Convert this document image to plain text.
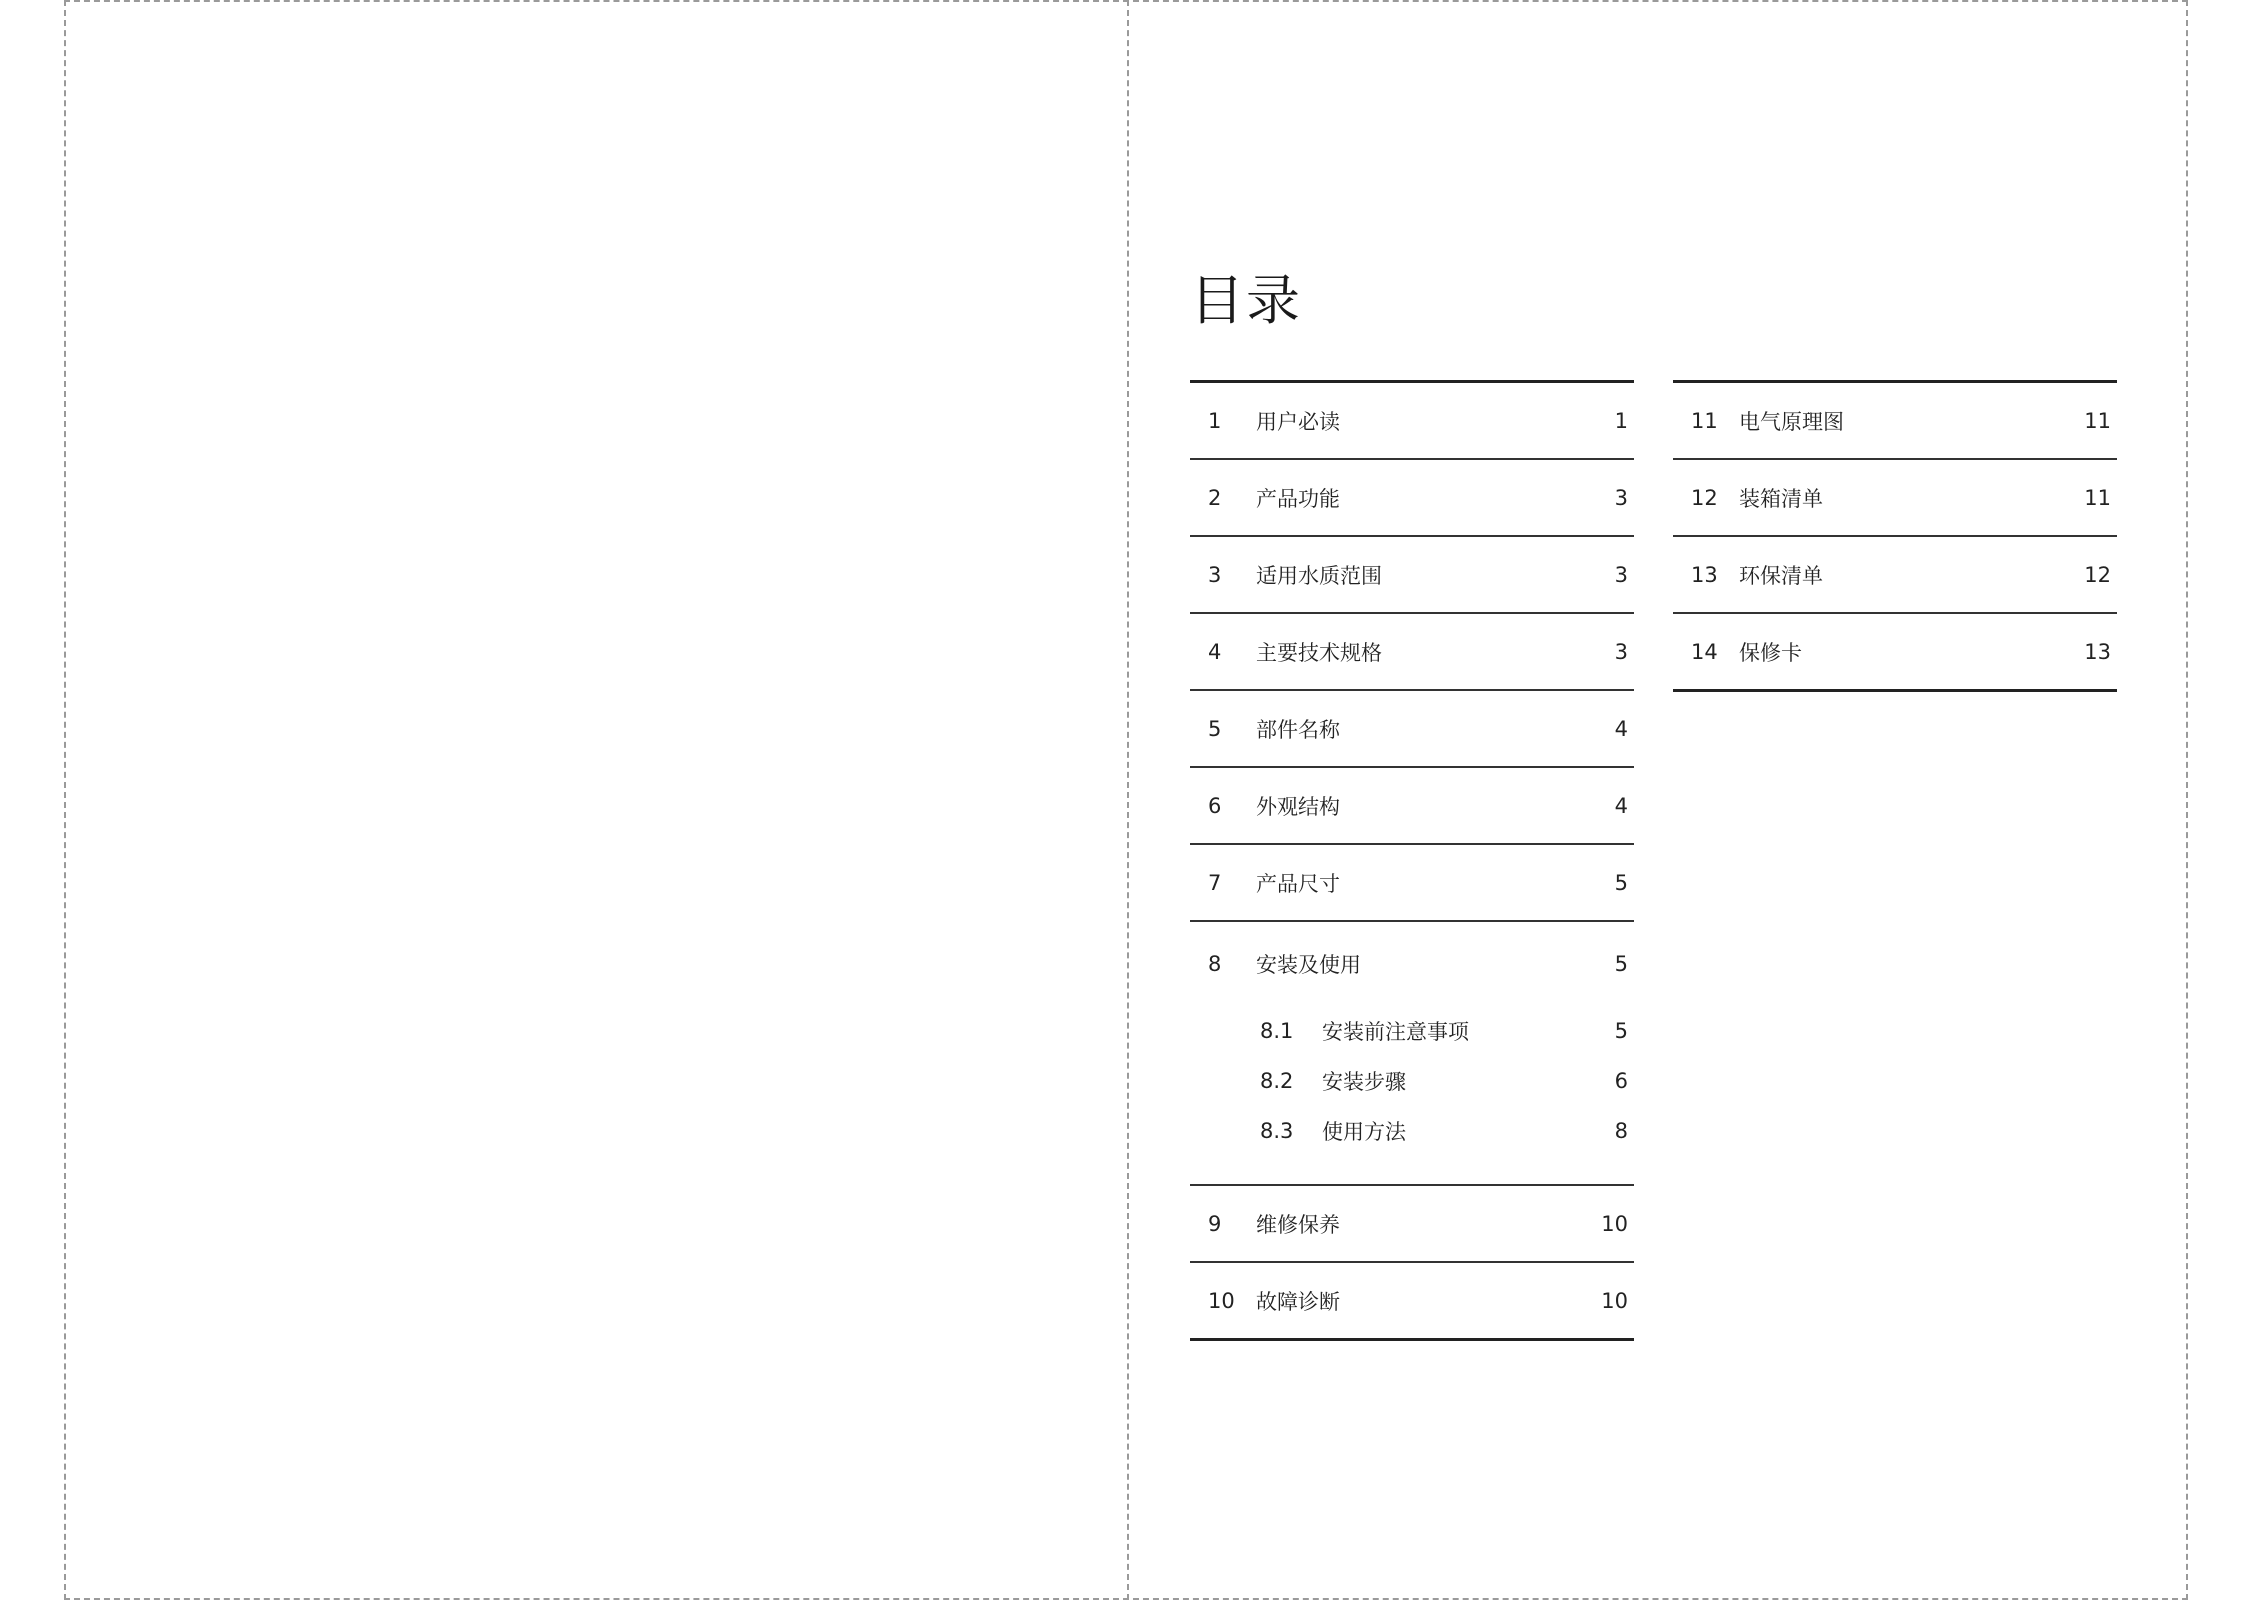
目录
1	用户必读	1
2	产品功能	3
3	适用水质范围	3
4	主要技术规格	3
5	部件名称	4
6	外观结构	4
7	产品尺寸	5
8	安装及使用	5
8.1	安装前注意事项	5
8.2	安装步骤	6
8.3	使用方法	8
9	维修保养	10
10	故障诊断	10
11	电气原理图	11
12	装箱清单	11
13	环保清单	12
14	保修卡	13
